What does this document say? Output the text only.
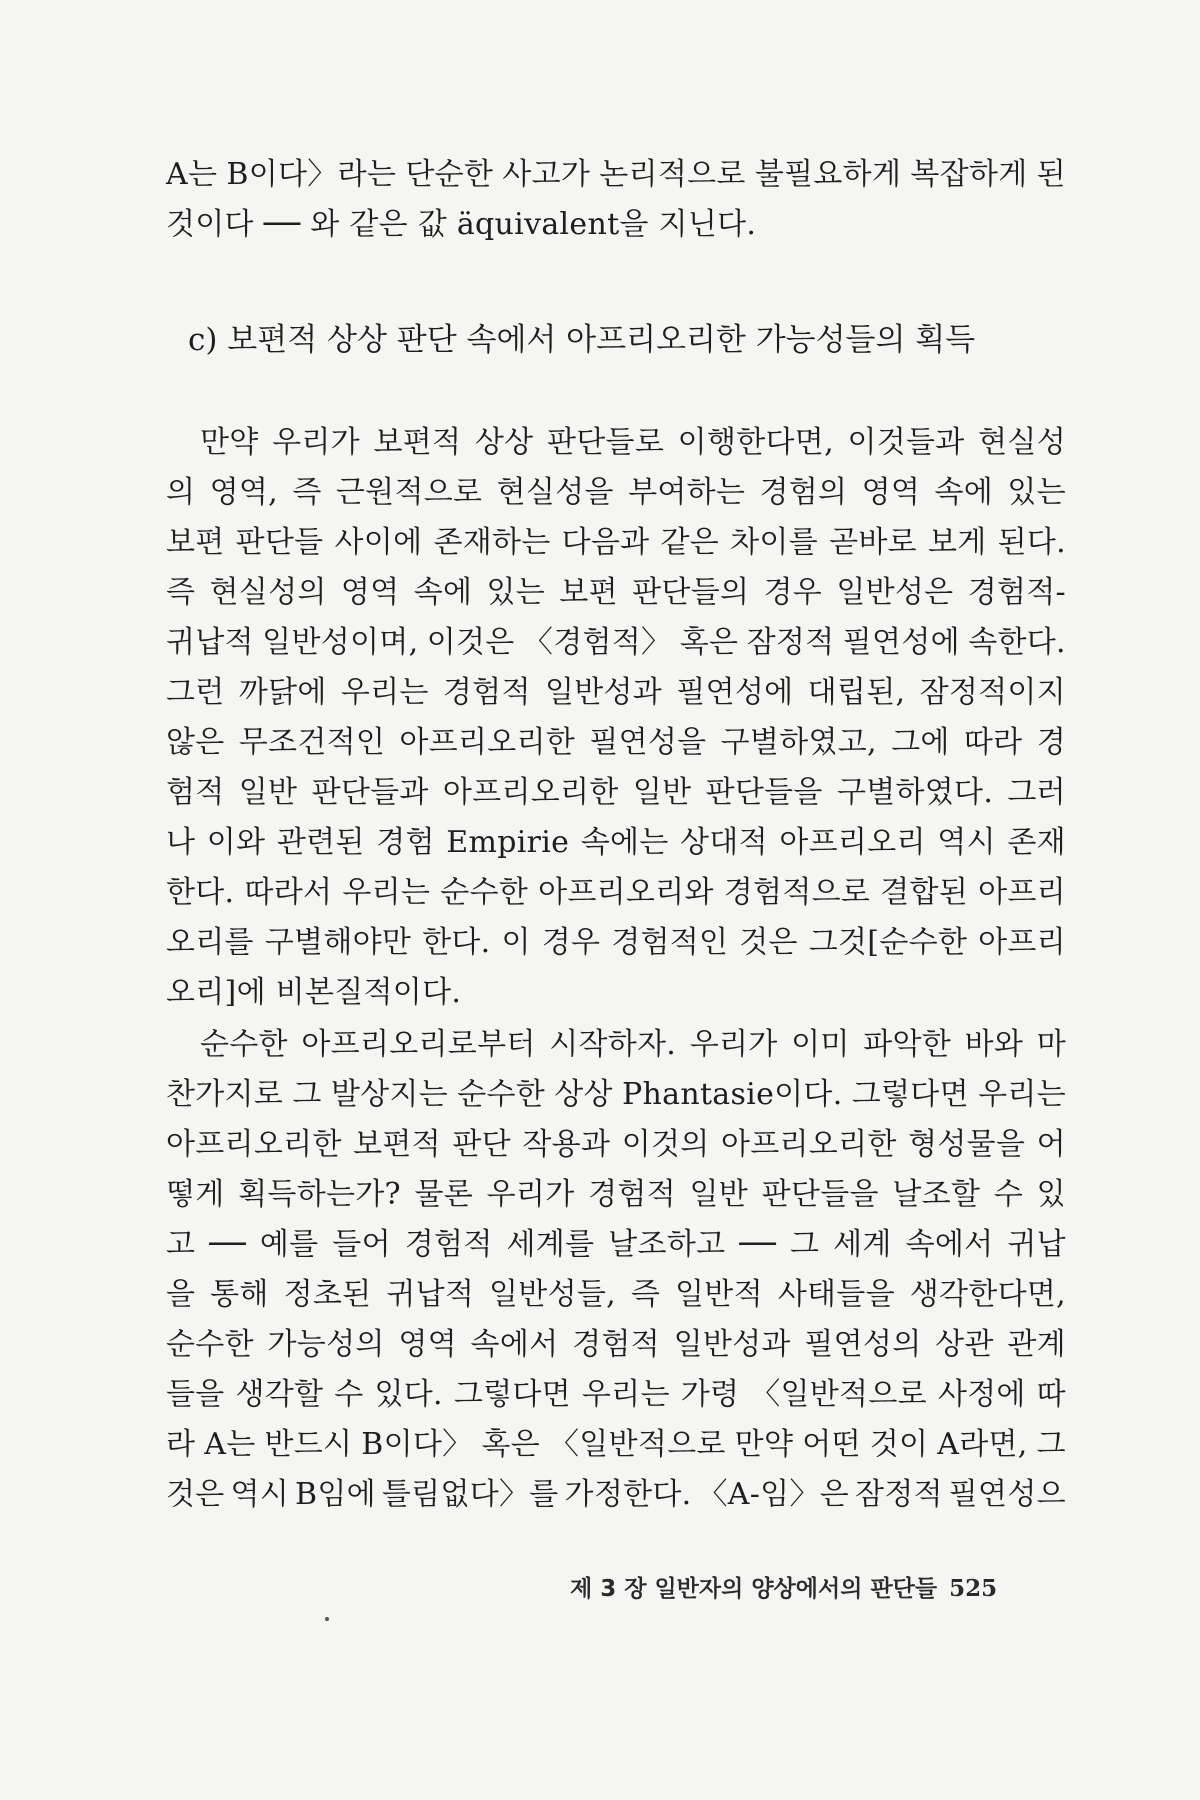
A는 B이다〉라는 단순한 사고가 논리적으로 불필요하게 복잡하게 된
것이다 ── 와 같은 값 äquivalent을 지닌다.
c) 보편적 상상 판단 속에서 아프리오리한 가능성들의 획득
만약 우리가 보편적 상상 판단들로 이행한다면, 이것들과 현실성
의 영역, 즉 근원적으로 현실성을 부여하는 경험의 영역 속에 있는
보편 판단들 사이에 존재하는 다음과 같은 차이를 곧바로 보게 된다.
즉 현실성의 영역 속에 있는 보편 판단들의 경우 일반성은 경험적-
귀납적 일반성이며, 이것은 〈경험적〉 혹은 잠정적 필연성에 속한다.
그런 까닭에 우리는 경험적 일반성과 필연성에 대립된, 잠정적이지
않은 무조건적인 아프리오리한 필연성을 구별하였고, 그에 따라 경
험적 일반 판단들과 아프리오리한 일반 판단들을 구별하였다. 그러
나 이와 관련된 경험 Empirie 속에는 상대적 아프리오리 역시 존재
한다. 따라서 우리는 순수한 아프리오리와 경험적으로 결합된 아프리
오리를 구별해야만 한다. 이 경우 경험적인 것은 그것[순수한 아프리
오리]에 비본질적이다.
순수한 아프리오리로부터 시작하자. 우리가 이미 파악한 바와 마
찬가지로 그 발상지는 순수한 상상 Phantasie이다. 그렇다면 우리는
아프리오리한 보편적 판단 작용과 이것의 아프리오리한 형성물을 어
떻게 획득하는가? 물론 우리가 경험적 일반 판단들을 날조할 수 있
고 ── 예를 들어 경험적 세계를 날조하고 ── 그 세계 속에서 귀납
을 통해 정초된 귀납적 일반성들, 즉 일반적 사태들을 생각한다면,
순수한 가능성의 영역 속에서 경험적 일반성과 필연성의 상관 관계
들을 생각할 수 있다. 그렇다면 우리는 가령 〈일반적으로 사정에 따
라 A는 반드시 B이다〉 혹은 〈일반적으로 만약 어떤 것이 A라면, 그
것은 역시 B임에 틀림없다〉를 가정한다. 〈A-임〉은 잠정적 필연성으
제 3 장 일반자의 양상에서의 판단들 525
